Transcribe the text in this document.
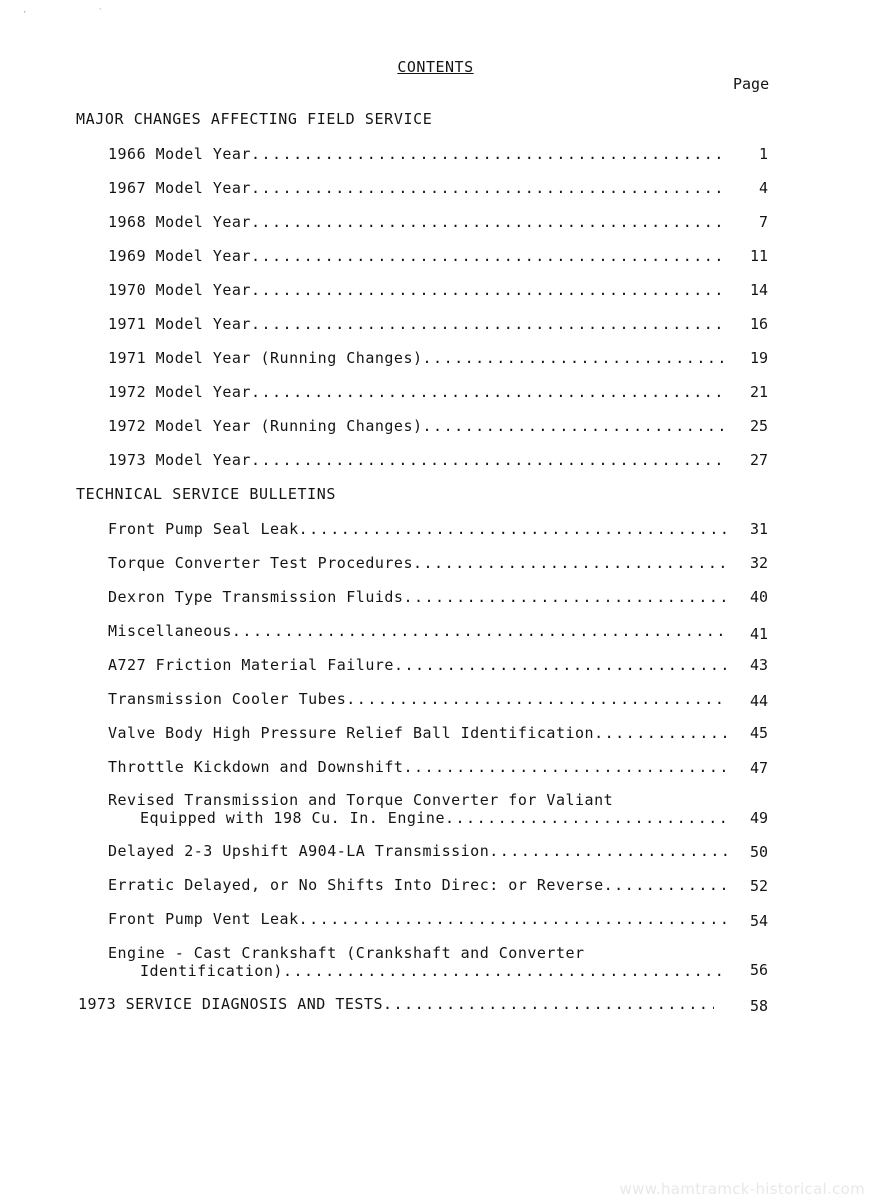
·             ˋ
CONTENTS
Page
MAJOR CHANGES AFFECTING FIELD SERVICE
1966 Model Year .....	1
1967 Model Year .....	4
1968 Model Year .....	7
1969 Model Year .....	11
1970 Model Year .....	14
1971 Model Year .....	16
1971 Model Year (Running Changes) .....	19
1972 Model Year .....	21
1972 Model Year (Running Changes) .....	25
1973 Model Year .....	27
TECHNICAL SERVICE BULLETINS
Front Pump Seal Leak .....	31
Torque Converter Test Procedures .....	32
Dexron Type Transmission Fluids .....	40
Miscellaneous .....	41
A727 Friction Material Failure .....	43
Transmission Cooler Tubes .....	44
Valve Body High Pressure Relief Ball Identification .....	45
Throttle Kickdown and Downshift .....	47
Revised Transmission and Torque Converter for Valiant
Equipped with 198 Cu. In. Engine .....	49
Delayed 2-3 Upshift A904-LA Transmission .....	50
Erratic Delayed, or No Shifts Into Direc: or Reverse .....	52
Front Pump Vent Leak .....	54
Engine - Cast Crankshaft (Crankshaft and Converter
Identification) .....	56
1973 SERVICE DIAGNOSIS AND TESTS .....	58
www.hamtramck-historical.com
